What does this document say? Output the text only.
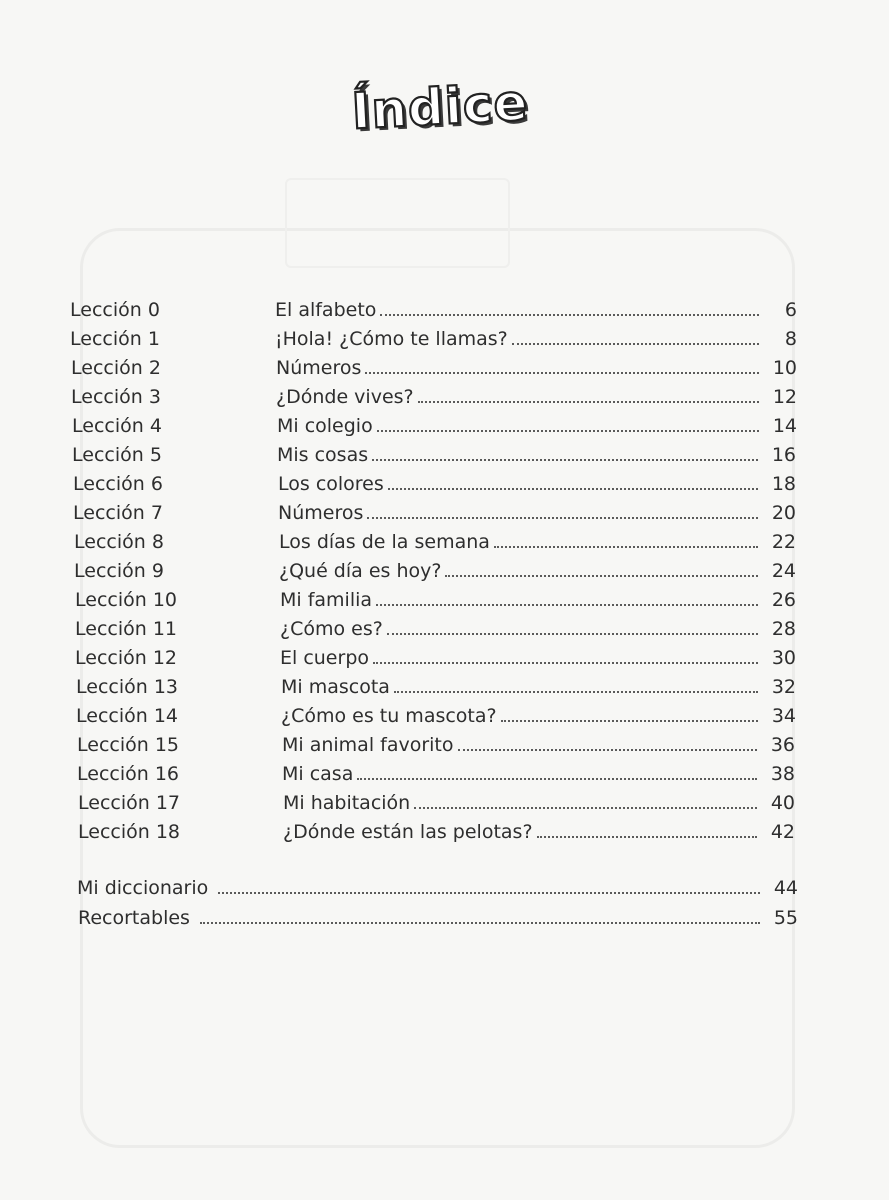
Índice
Lección 0	El alfabeto	6
Lección 1	¡Hola! ¿Cómo te llamas?	8
Lección 2	Números	10
Lección 3	¿Dónde vives?	12
Lección 4	Mi colegio	14
Lección 5	Mis cosas	16
Lección 6	Los colores	18
Lección 7	Números	20
Lección 8	Los días de la semana	22
Lección 9	¿Qué día es hoy?	24
Lección 10	Mi familia	26
Lección 11	¿Cómo es?	28
Lección 12	El cuerpo	30
Lección 13	Mi mascota	32
Lección 14	¿Cómo es tu mascota?	34
Lección 15	Mi animal favorito	36
Lección 16	Mi casa	38
Lección 17	Mi habitación	40
Lección 18	¿Dónde están las pelotas?	42
Mi diccionario	44
Recortables	55
